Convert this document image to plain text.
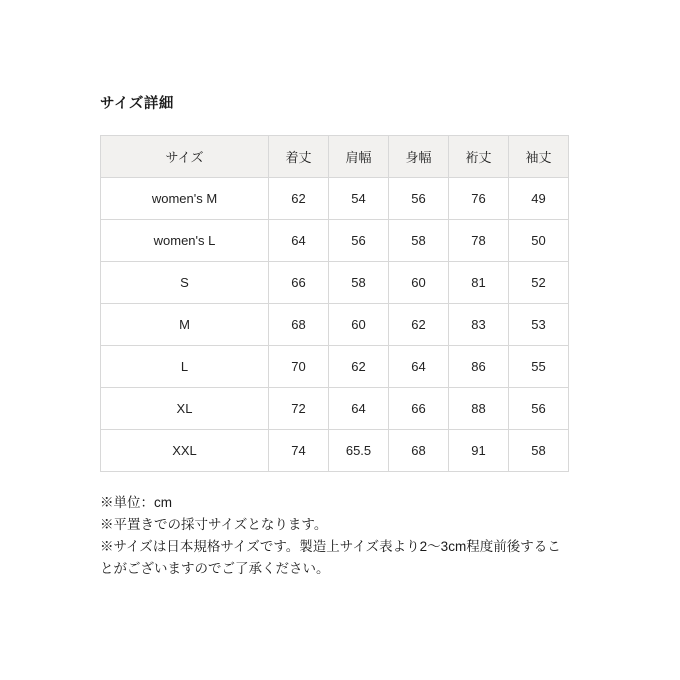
サイズ詳細
サイズ	着丈	肩幅	身幅	裄丈	袖丈
women's M	62	54	56	76	49
women's L	64	56	58	78	50
S	66	58	60	81	52
M	68	60	62	83	53
L	70	62	64	86	55
XL	72	64	66	88	56
XXL	74	65.5	68	91	58

※単位：cm

※平置きでの採寸サイズとなります。

※サイズは日本規格サイズです。製造上サイズ表より2〜3cm程度前後することがございますのでご了承ください。
